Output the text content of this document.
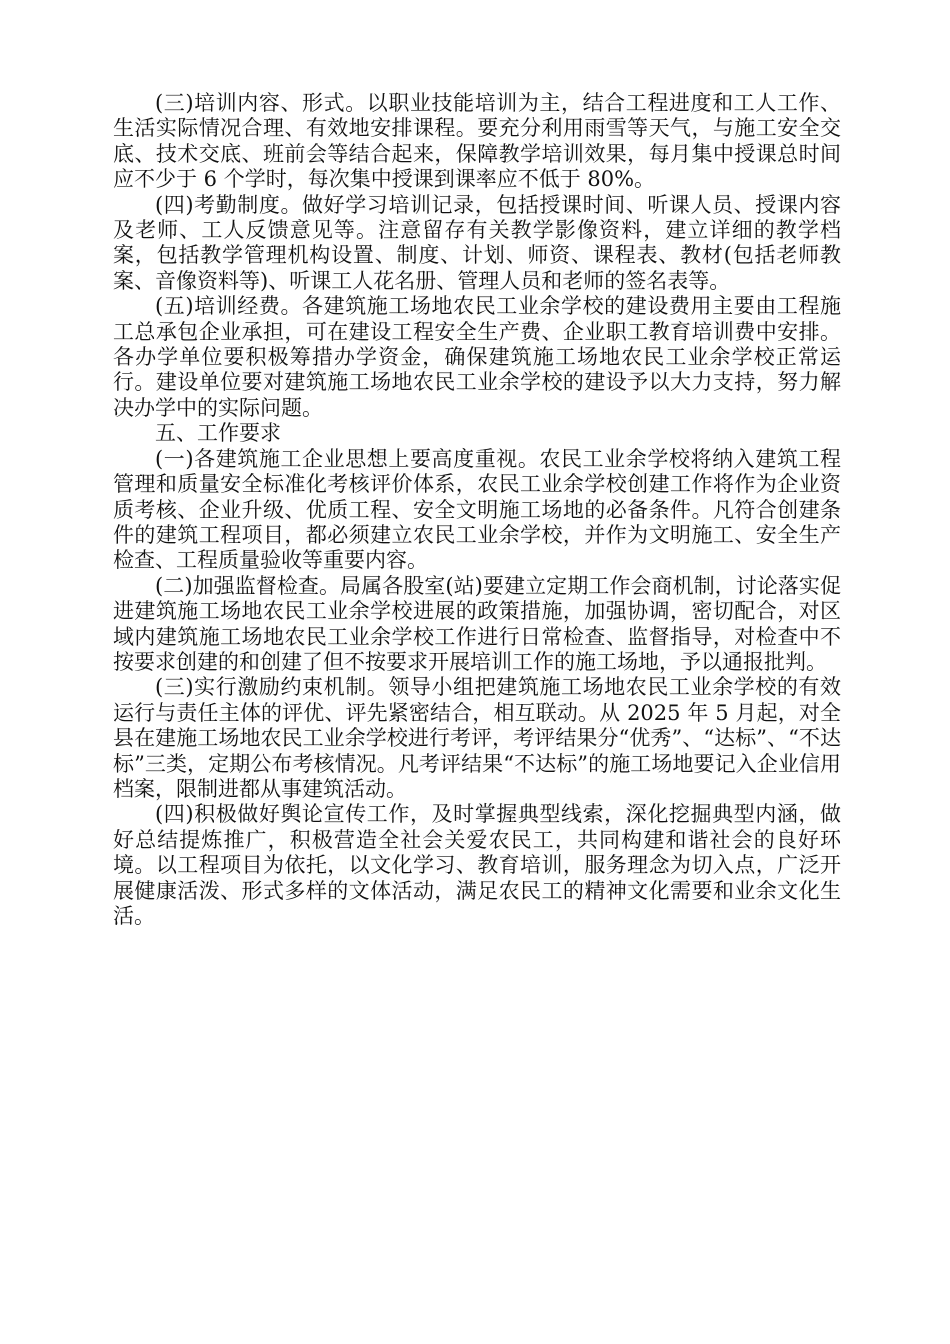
(三)培训内容、形式。以职业技能培训为主，结合工程进度和工人工作、生活实际情况合理、有效地安排课程。要充分利用雨雪等天气，与施工安全交底、技术交底、班前会等结合起来，保障教学培训效果，每月集中授课总时间应不少于 6 个学时，每次集中授课到课率应不低于 80%。

(四)考勤制度。做好学习培训记录，包括授课时间、听课人员、授课内容及老师、工人反馈意见等。注意留存有关教学影像资料，建立详细的教学档案，包括教学管理机构设置、制度、计划、师资、课程表、教材(包括老师教案、音像资料等)、听课工人花名册、管理人员和老师的签名表等。

(五)培训经费。各建筑施工场地农民工业余学校的建设费用主要由工程施工总承包企业承担，可在建设工程安全生产费、企业职工教育培训费中安排。各办学单位要积极筹措办学资金，确保建筑施工场地农民工业余学校正常运行。建设单位要对建筑施工场地农民工业余学校的建设予以大力支持，努力解决办学中的实际问题。

五、工作要求

(一)各建筑施工企业思想上要高度重视。农民工业余学校将纳入建筑工程管理和质量安全标准化考核评价体系，农民工业余学校创建工作将作为企业资质考核、企业升级、优质工程、安全文明施工场地的必备条件。凡符合创建条件的建筑工程项目，都必须建立农民工业余学校，并作为文明施工、安全生产检查、工程质量验收等重要内容。

(二)加强监督检查。局属各股室(站)要建立定期工作会商机制，讨论落实促进建筑施工场地农民工业余学校进展的政策措施，加强协调，密切配合，对区域内建筑施工场地农民工业余学校工作进行日常检查、监督指导，对检查中不按要求创建的和创建了但不按要求开展培训工作的施工场地，予以通报批判。

(三)实行激励约束机制。领导小组把建筑施工场地农民工业余学校的有效运行与责任主体的评优、评先紧密结合，相互联动。从 2025 年 5 月起，对全县在建施工场地农民工业余学校进行考评，考评结果分“优秀”、“达标”、“不达标”三类，定期公布考核情况。凡考评结果“不达标”的施工场地要记入企业信用档案，限制进都从事建筑活动。

(四)积极做好舆论宣传工作，及时掌握典型线索，深化挖掘典型内涵，做好总结提炼推广，积极营造全社会关爱农民工，共同构建和谐社会的良好环境。以工程项目为依托，以文化学习、教育培训，服务理念为切入点，广泛开展健康活泼、形式多样的文体活动，满足农民工的精神文化需要和业余文化生活。
